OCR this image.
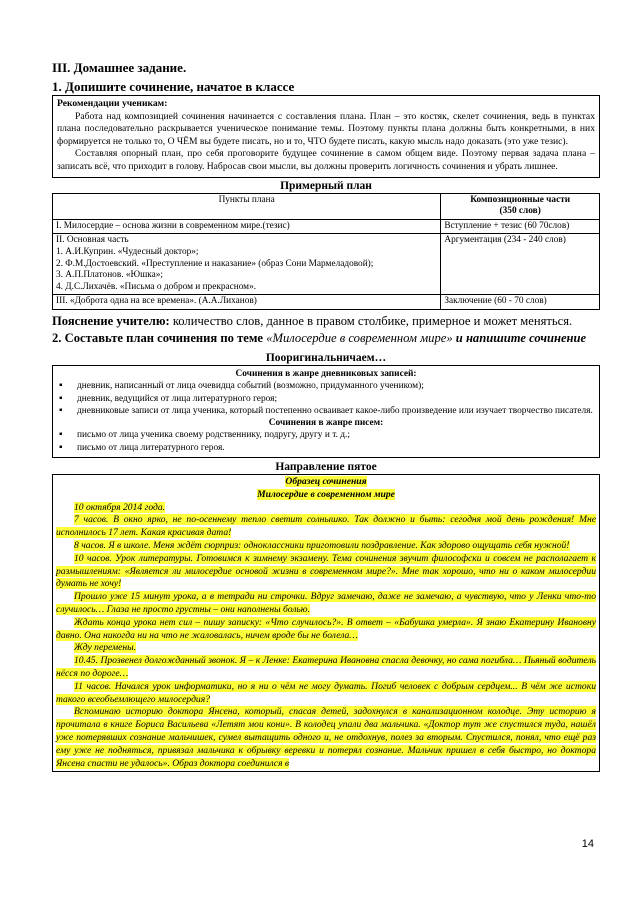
III. Домашнее задание.

1. Допишите сочинение, начатое в классе

Рекомендации ученикам:

Работа над композицией сочинения начинается с составления плана. План – это костяк, скелет сочинения, ведь в пунктах плана последовательно раскрывается ученическое понимание темы. Поэтому пункты плана должны быть конкретными, в них формируется не только то, О ЧЁМ вы будете писать, но и то, ЧТО будете писать, какую мысль надо доказать (это уже тезис).

Составляя опорный план, про себя проговорите будущее сочинение в самом общем виде. Поэтому первая задача плана – записать всё, что приходит в голову. Набросав свои мысли, вы должны проверить логичность сочинения и убрать лишнее.

Примерный план

Пункты плана	Композиционные части
(350 слов)
I. Милосердие – основа жизни в современном мире.(тезис)	Вступление + тезис (60 70слов)

II. Основная часть
1. А.И.Куприн. «Чудесный доктор»;
2. Ф.М.Достоевский. «Преступление и наказание» (образ Сони Мармеладовой);
3. А.П.Платонов. «Юшка»;
4. Д.С.Лихачёв. «Письма о добром и прекрасном».	Аргументация (234 - 240 слов)
III. «Доброта одна на все времена». (А.А.Лиханов)	Заключение (60 - 70 слов)

Пояснение учителю: количество слов, данное в правом столбике, примерное и может меняться.

2. Составьте план сочинения по теме «Милосердие в современном мире» и напишите сочинение

Пооригинальничаем…

Сочинения в жанре дневниковых записей:

▪ дневник, написанный от лица очевидца событий (возможно, придуманного учеником);

▪ дневник, ведущийся от лица литературного героя;

▪ дневниковые записи от лица ученика, который постепенно осваивает какое-либо произведение или изучает творчество писателя.

Сочинения в жанре писем:

▪ письмо от лица ученика своему родственнику, подругу, другу и т. д.;

▪ письмо от лица литературного героя.

Направление пятое

Образец сочинения

Милосердие в современном мире

10 октября 2014 года.

7 часов. В окно ярко, не по-осеннему тепло светит солнышко. Так должно и быть: сегодня мой день рождения! Мне исполнилось 17 лет. Какая красивая дата!

8 часов. Я в школе. Меня ждёт сюрприз: одноклассники приготовили поздравление. Как здорово ощущать себя нужной!

10 часов. Урок литературы. Готовимся к зимнему экзамену. Тема сочинения звучит философски и совсем не располагает к размышлениям: «Является ли милосердие основой жизни в современном мире?». Мне так хорошо, что ни о каком милосердии думать не хочу!

Прошло уже 15 минут урока, а в тетради ни строчки. Вдруг замечаю, даже не замечаю, а чувствую, что у Ленки что-то случилось… Глаза не просто грустны – они наполнены болью.

Ждать конца урока нет сил – пишу записку: «Что случилось?». В ответ – «Бабушка умерла». Я знаю Екатерину Ивановну давно. Она никогда ни на что не жаловалась, ничем вроде бы не болела…

Жду перемены.

10.45. Прозвенел долгожданный звонок. Я – к Ленке: Екатерина Ивановна спасла девочку, но сама погибла… Пьяный водитель нёсся по дороге…

11 часов. Начался урок информатики, но я ни о чём не могу думать. Погиб человек с добрым сердцем... В чём же истоки такого всеобъемлющего милосердия?

Вспоминаю историю доктора Янсена, который, спасая детей, задохнулся в канализационном колодце. Эту историю я прочитала в книге Бориса Васильева «Летят мои кони». В колодец упали два мальчика. «Доктор тут же спустился туда, нашёл уже потерявших сознание мальчишек, сумел вытащить одного и, не отдохнув, полез за вторым. Спустился, понял, что ещё раз ему уже не подняться, привязал мальчика к обрывку веревки и потерял сознание. Мальчик пришел в себя быстро, но доктора Янсена спасти не удалось». Образ доктора соединился в

14
